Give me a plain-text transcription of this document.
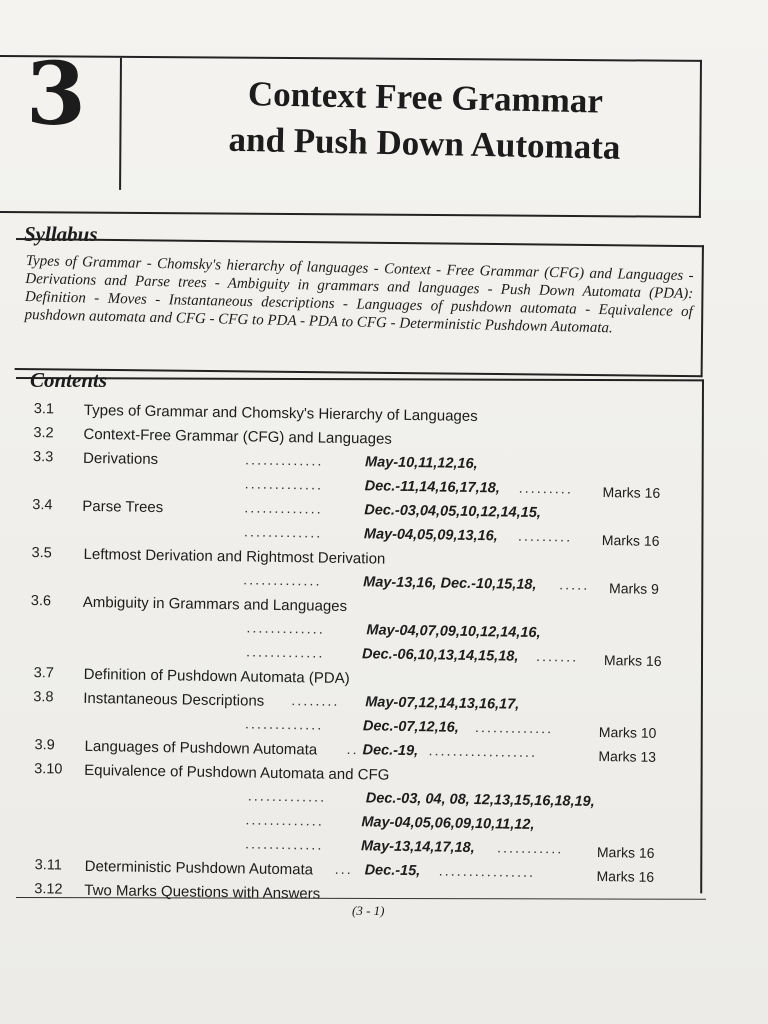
3	Context Free Grammar
and Push Down Automata
Syllabus
Types of Grammar - Chomsky's hierarchy of languages - Context - Free Grammar (CFG) and Languages - Derivations and Parse trees - Ambiguity in grammars and languages - Push Down Automata (PDA): Definition - Moves - Instantaneous descriptions - Languages of pushdown automata - Equivalence of pushdown automata and CFG - CFG to PDA - PDA to CFG - Deterministic Pushdown Automata.
Contents
3.1 Types of Grammar and Chomsky's Hierarchy of Languages
3.2 Context-Free Grammar (CFG) and Languages
3.3 Derivations	.............	May-10,11,12,16,
.............	Dec.-11,14,16,17,18, ......... Marks 16
3.4 Parse Trees	.............	Dec.-03,04,05,10,12,14,15,
.............	May-04,05,09,13,16, ......... Marks 16
3.5 Leftmost Derivation and Rightmost Derivation
.............	May-13,16, Dec.-10,15,18, ..... Marks 9
3.6 Ambiguity in Grammars and Languages
.............	May-04,07,09,10,12,14,16,
.............	Dec.-06,10,13,14,15,18, ....... Marks 16
3.7 Definition of Pushdown Automata (PDA)
3.8 Instantaneous Descriptions ........ May-07,12,14,13,16,17,
.............	Dec.-07,12,16, .............	Marks 10
3.9 Languages of Pushdown Automata .. Dec.-19, ..................	Marks 13
3.10 Equivalence of Pushdown Automata and CFG
.............	Dec.-03, 04, 08, 12,13,15,16,18,19,
.............	May-04,05,06,09,10,11,12,
.............	May-13,14,17,18, ........... Marks 16
3.11 Deterministic Pushdown Automata ... Dec.-15, ................	Marks 16
3.12 Two Marks Questions with Answers
(3 - 1)
